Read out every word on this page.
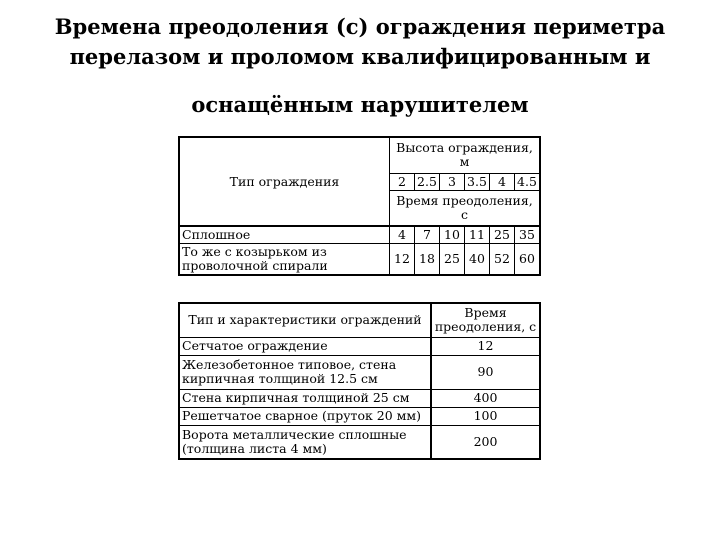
Времена преодоления (с) ограждения периметра
перелазом и проломом квалифицированным и
оснащённым нарушителем
Тип ограждения	Высота ограждения, м					
	2	2.5	3	3.5	4	4.5
	Время преодоления, с					
Сплошное	4	7	10	11	25	35
То же с козырьком из проволочной спирали	12	18	25	40	52	60
Тип и характеристики ограждений	Время преодоления, с
Сетчатое ограждение	12
Железобетонное типовое, стена кирпичная толщиной 12.5 см	90
Стена кирпичная толщиной 25 см	400
Решетчатое сварное (пруток 20 мм)	100
Ворота металлические сплошные (толщина листа 4 мм)	200
